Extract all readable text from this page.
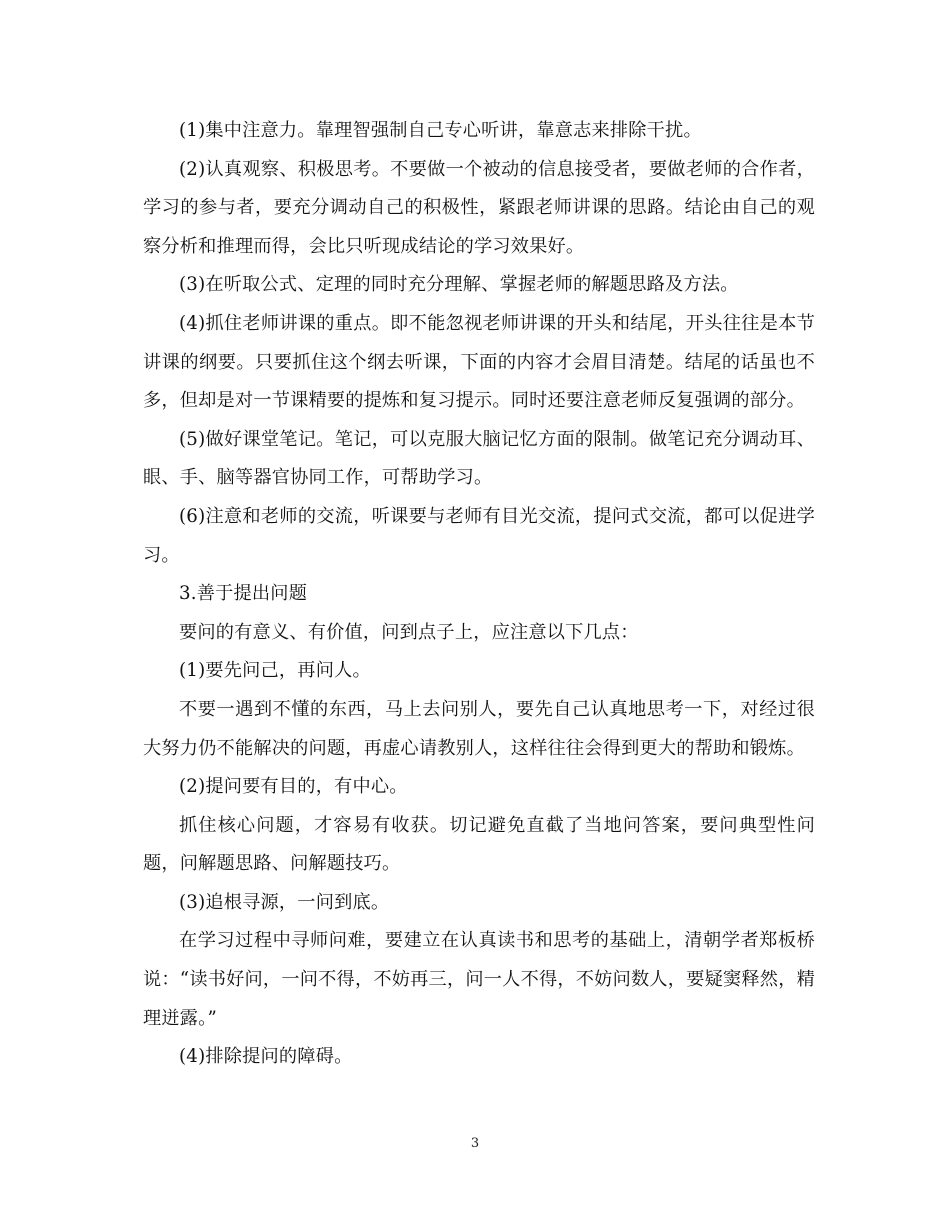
(1)集中注意力。靠理智强制自己专心听讲，靠意志来排除干扰。

(2)认真观察、积极思考。不要做一个被动的信息接受者，要做老师的合作者，学习的参与者，要充分调动自己的积极性，紧跟老师讲课的思路。结论由自己的观察分析和推理而得，会比只听现成结论的学习效果好。

(3)在听取公式、定理的同时充分理解、掌握老师的解题思路及方法。

(4)抓住老师讲课的重点。即不能忽视老师讲课的开头和结尾，开头往往是本节讲课的纲要。只要抓住这个纲去听课，下面的内容才会眉目清楚。结尾的话虽也不多，但却是对一节课精要的提炼和复习提示。同时还要注意老师反复强调的部分。

(5)做好课堂笔记。笔记，可以克服大脑记忆方面的限制。做笔记充分调动耳、眼、手、脑等器官协同工作，可帮助学习。

(6)注意和老师的交流，听课要与老师有目光交流，提问式交流，都可以促进学习。

3.善于提出问题

要问的有意义、有价值，问到点子上，应注意以下几点：

(1)要先问己，再问人。

不要一遇到不懂的东西，马上去问别人，要先自己认真地思考一下，对经过很大努力仍不能解决的问题，再虚心请教别人，这样往往会得到更大的帮助和锻炼。

(2)提问要有目的，有中心。

抓住核心问题，才容易有收获。切记避免直截了当地问答案，要问典型性问题，问解题思路、问解题技巧。

(3)追根寻源，一问到底。

在学习过程中寻师问难，要建立在认真读书和思考的基础上，清朝学者郑板桥说：“读书好问，一问不得，不妨再三，问一人不得，不妨问数人，要疑窦释然，精理迸露。”

(4)排除提问的障碍。

3
